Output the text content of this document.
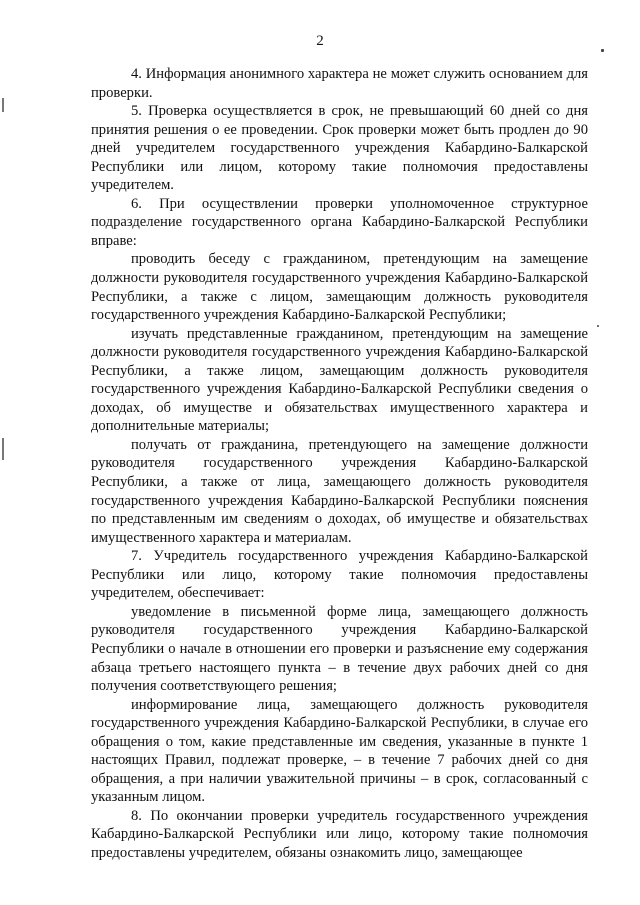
2

4. Информация анонимного характера не может служить основанием для проверки.

5. Проверка осуществляется в срок, не превышающий 60 дней со дня принятия решения о ее проведении. Срок проверки может быть продлен до 90 дней учредителем государственного учреждения Кабардино-Балкарской Республики или лицом, которому такие полномочия предоставлены учредителем.

6. При осуществлении проверки уполномоченное структурное подразделение государственного органа Кабардино-Балкарской Республики вправе:

проводить беседу с гражданином, претендующим на замещение должности руководителя государственного учреждения Кабардино-Балкарской Республики, а также с лицом, замещающим должность руководителя государственного учреждения Кабардино-Балкарской Республики;

изучать представленные гражданином, претендующим на замещение должности руководителя государственного учреждения Кабардино-Балкарской Республики, а также лицом, замещающим должность руководителя государственного учреждения Кабардино-Балкарской Республики сведения о доходах, об имуществе и обязательствах имущественного характера и дополнительные материалы;

получать от гражданина, претендующего на замещение должности руководителя государственного учреждения Кабардино-Балкарской Республики, а также от лица, замещающего должность руководителя государственного учреждения Кабардино-Балкарской Республики пояснения по представленным им сведениям о доходах, об имуществе и обязательствах имущественного характера и материалам.

7. Учредитель государственного учреждения Кабардино-Балкарской Республики или лицо, которому такие полномочия предоставлены учредителем, обеспечивает:

уведомление в письменной форме лица, замещающего должность руководителя государственного учреждения Кабардино-Балкарской Республики о начале в отношении его проверки и разъяснение ему содержания абзаца третьего настоящего пункта – в течение двух рабочих дней со дня получения соответствующего решения;

информирование лица, замещающего должность руководителя государственного учреждения Кабардино-Балкарской Республики, в случае его обращения о том, какие представленные им сведения, указанные в пункте 1 настоящих Правил, подлежат проверке, – в течение 7 рабочих дней со дня обращения, а при наличии уважительной причины – в срок, согласованный с указанным лицом.

8. По окончании проверки учредитель государственного учреждения Кабардино-Балкарской Республики или лицо, которому такие полномочия предоставлены учредителем, обязаны ознакомить лицо, замещающее
